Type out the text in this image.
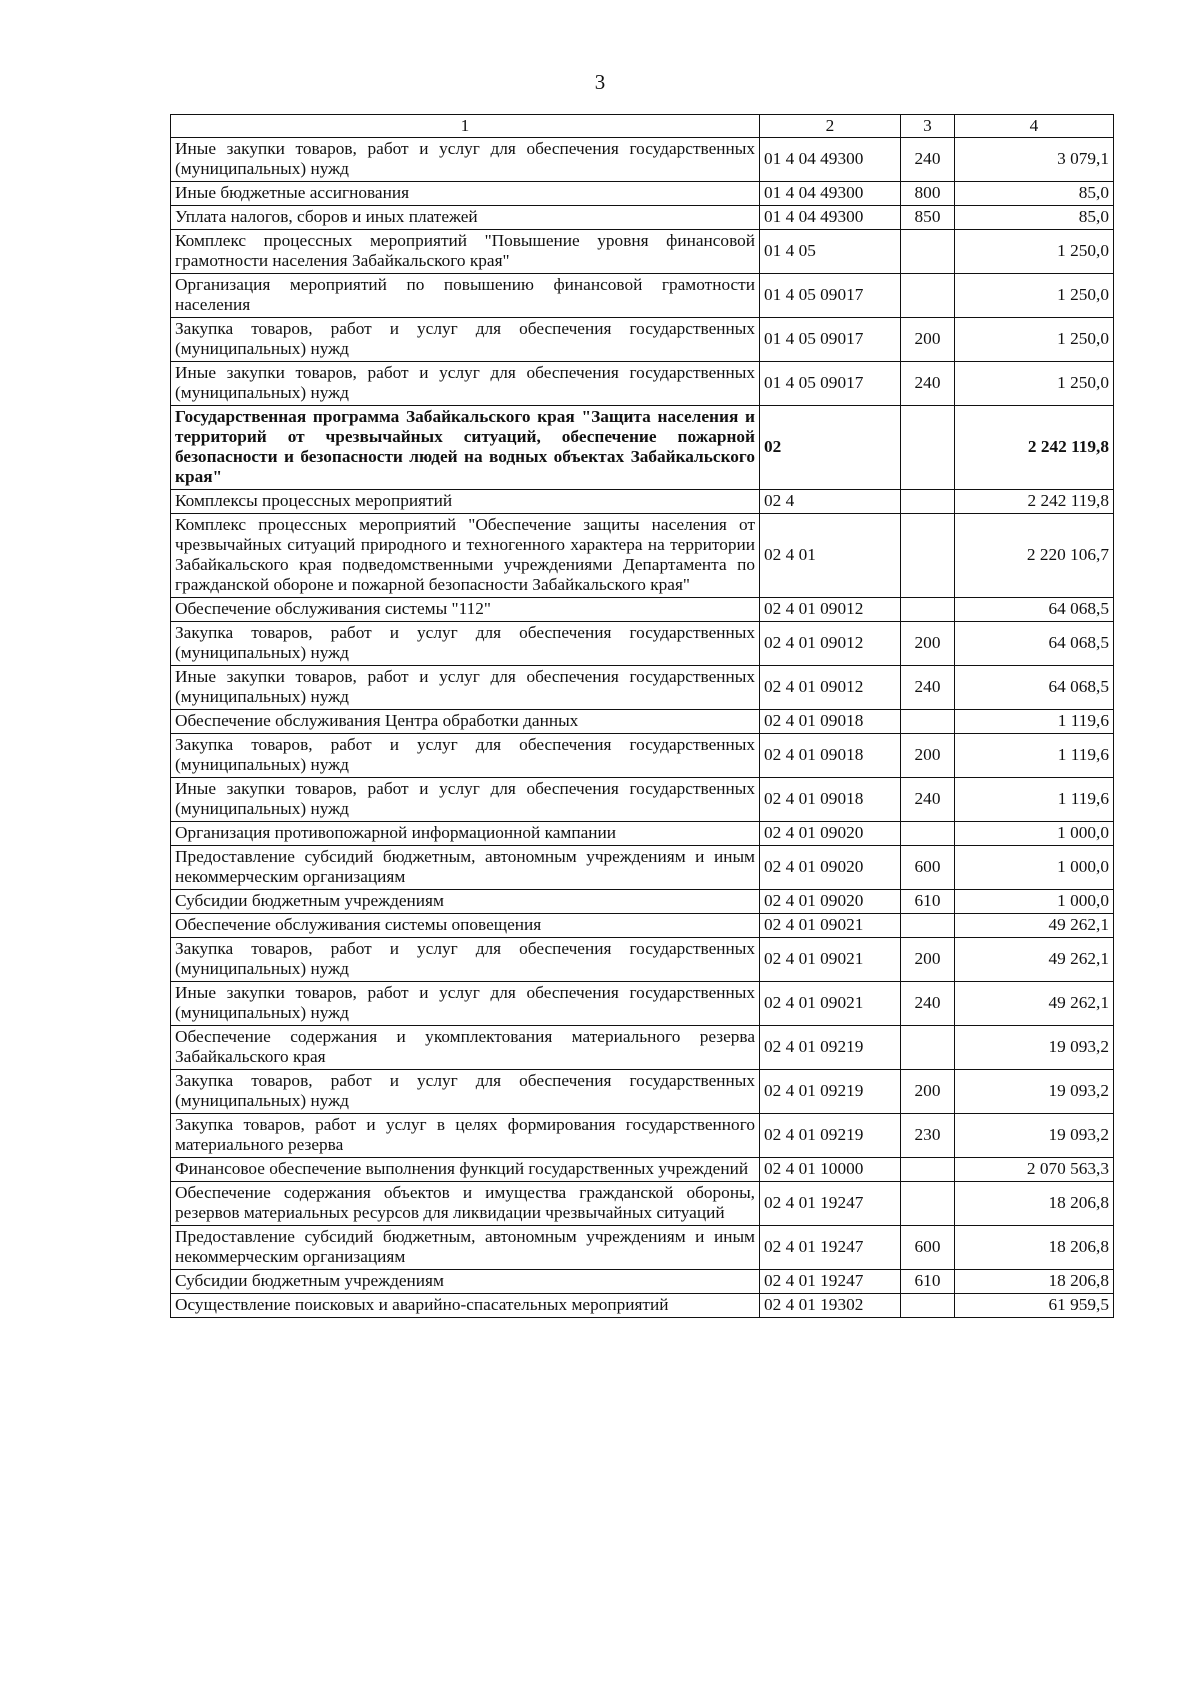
3
1	2	3	4
Иные закупки товаров, работ и услуг для обеспечения государственных (муниципальных) нужд	01 4 04 49300	240	3 079,1
Иные бюджетные ассигнования	01 4 04 49300	800	85,0
Уплата налогов, сборов и иных платежей	01 4 04 49300	850	85,0
Комплекс процессных мероприятий "Повышение уровня финансовой грамотности населения Забайкальского края"	01 4 05		1 250,0
Организация мероприятий по повышению финансовой грамотности населения	01 4 05 09017		1 250,0
Закупка товаров, работ и услуг для обеспечения государственных (муниципальных) нужд	01 4 05 09017	200	1 250,0
Иные закупки товаров, работ и услуг для обеспечения государственных (муниципальных) нужд	01 4 05 09017	240	1 250,0
Государственная программа Забайкальского края "Защита населения и территорий от чрезвычайных ситуаций, обеспечение пожарной безопасности и безопасности людей на водных объектах Забайкальского края"	02		2 242 119,8
Комплексы процессных мероприятий	02 4		2 242 119,8
Комплекс процессных мероприятий "Обеспечение защиты населения от чрезвычайных ситуаций природного и техногенного характера на территории Забайкальского края подведомственными учреждениями Департамента по гражданской обороне и пожарной безопасности Забайкальского края"	02 4 01		2 220 106,7
Обеспечение обслуживания системы "112"	02 4 01 09012		64 068,5
Закупка товаров, работ и услуг для обеспечения государственных (муниципальных) нужд	02 4 01 09012	200	64 068,5
Иные закупки товаров, работ и услуг для обеспечения государственных (муниципальных) нужд	02 4 01 09012	240	64 068,5
Обеспечение обслуживания Центра обработки данных	02 4 01 09018		1 119,6
Закупка товаров, работ и услуг для обеспечения государственных (муниципальных) нужд	02 4 01 09018	200	1 119,6
Иные закупки товаров, работ и услуг для обеспечения государственных (муниципальных) нужд	02 4 01 09018	240	1 119,6
Организация противопожарной информационной кампании	02 4 01 09020		1 000,0
Предоставление субсидий бюджетным, автономным учреждениям и иным некоммерческим организациям	02 4 01 09020	600	1 000,0
Субсидии бюджетным учреждениям	02 4 01 09020	610	1 000,0
Обеспечение обслуживания системы оповещения	02 4 01 09021		49 262,1
Закупка товаров, работ и услуг для обеспечения государственных (муниципальных) нужд	02 4 01 09021	200	49 262,1
Иные закупки товаров, работ и услуг для обеспечения государственных (муниципальных) нужд	02 4 01 09021	240	49 262,1
Обеспечение содержания и укомплектования материального резерва Забайкальского края	02 4 01 09219		19 093,2
Закупка товаров, работ и услуг для обеспечения государственных (муниципальных) нужд	02 4 01 09219	200	19 093,2
Закупка товаров, работ и услуг в целях формирования государственного материального резерва	02 4 01 09219	230	19 093,2
Финансовое обеспечение выполнения функций государственных учреждений	02 4 01 10000		2 070 563,3
Обеспечение содержания объектов и имущества гражданской обороны, резервов материальных ресурсов для ликвидации чрезвычайных ситуаций	02 4 01 19247		18 206,8
Предоставление субсидий бюджетным, автономным учреждениям и иным некоммерческим организациям	02 4 01 19247	600	18 206,8
Субсидии бюджетным учреждениям	02 4 01 19247	610	18 206,8
Осуществление поисковых и аварийно-спасательных мероприятий	02 4 01 19302		61 959,5
